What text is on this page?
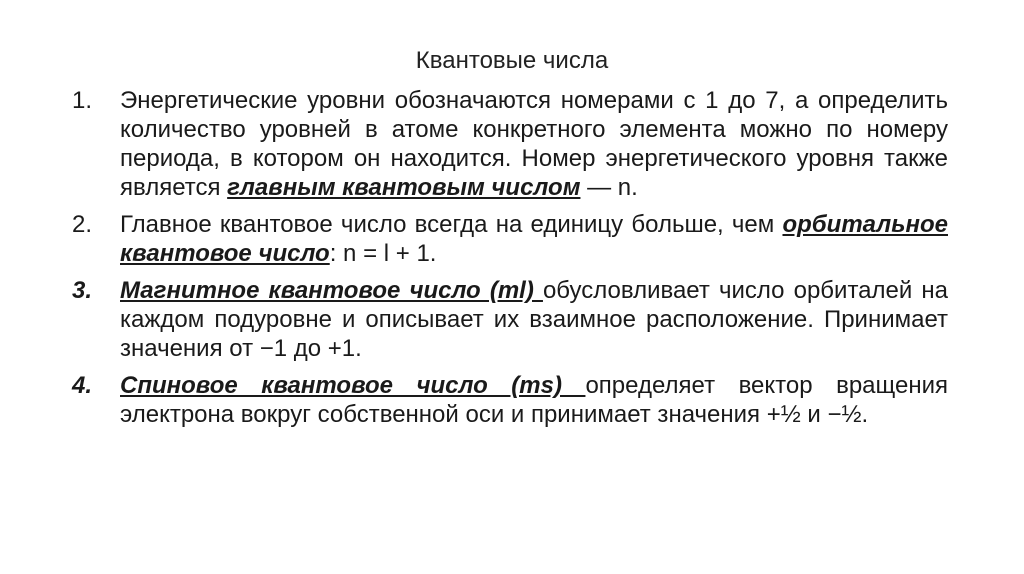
Квантовые числа
1. Энергетические уровни обозначаются номерами с 1 до 7, а определить количество уровней в атоме конкретного элемента можно по номеру периода, в котором он находится. Номер энергетического уровня также является главным квантовым числом — n.
2. Главное квантовое число всегда на единицу больше, чем орбитальное квантовое число: n = l + 1.
3. Магнитное квантовое число (ml) обусловливает число орбиталей на каждом подуровне и описывает их взаимное расположение. Принимает значения от −1 до +1.
4. Спиновое квантовое число (ms) определяет вектор вращения электрона вокруг собственной оси и принимает значения +½ и −½.
